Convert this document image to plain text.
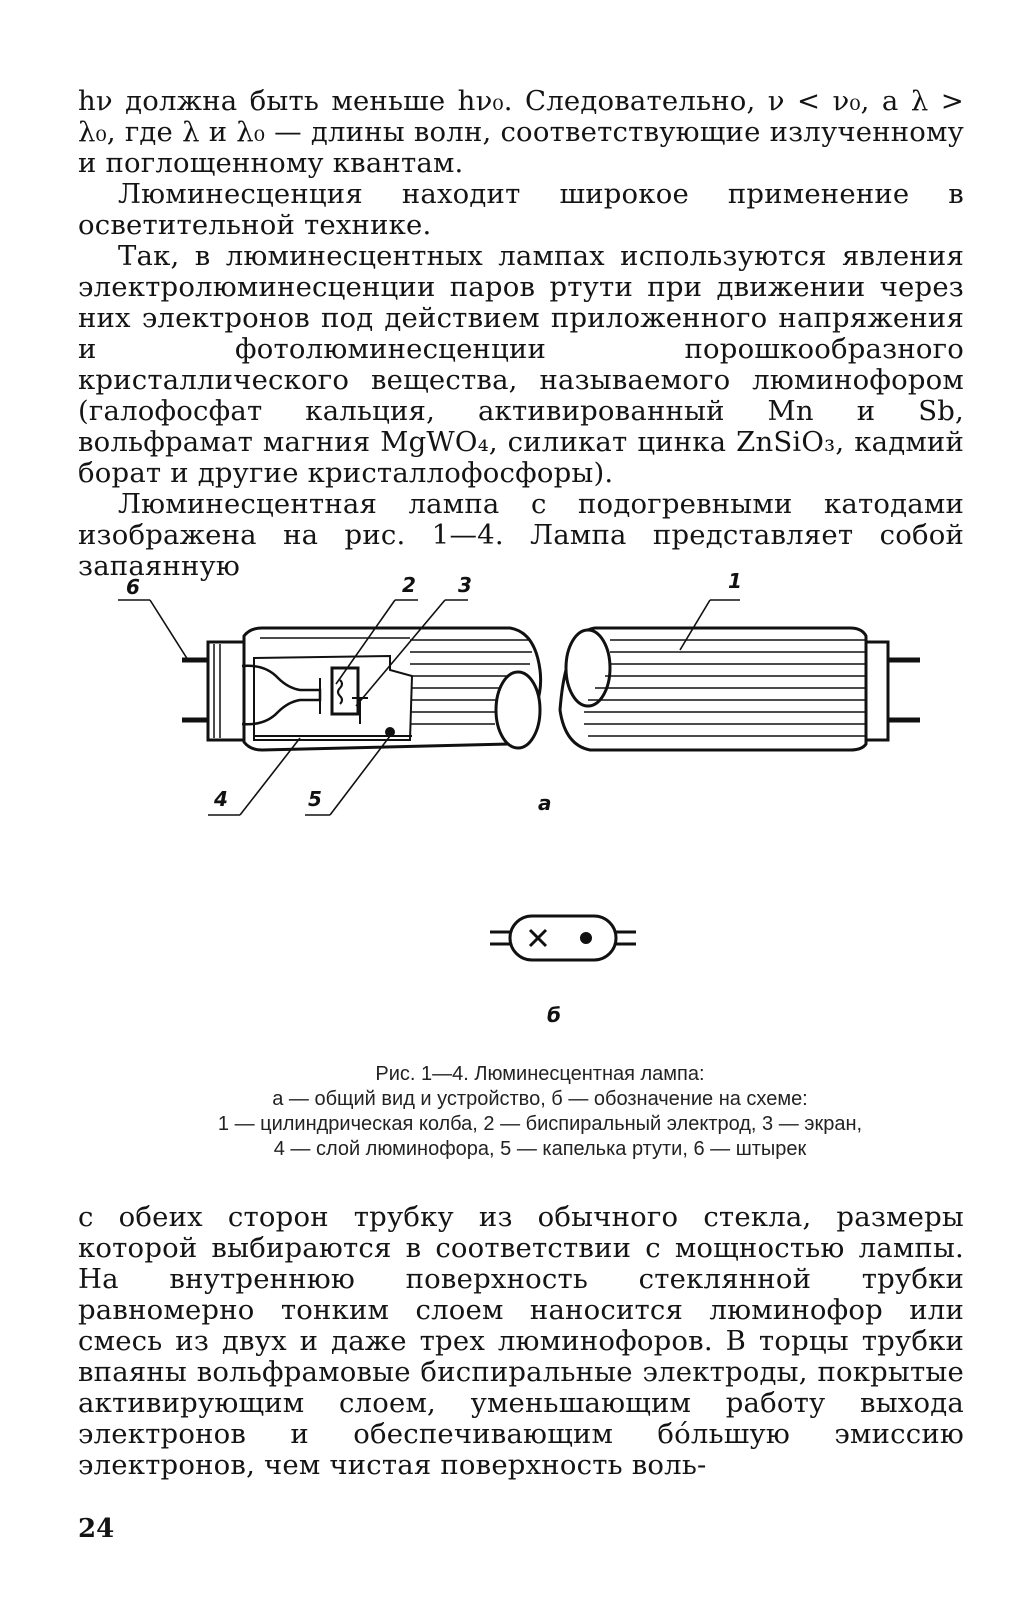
hν должна быть меньше hν₀. Следовательно, ν < ν₀, а λ > λ₀, где λ и λ₀ — длины волн, соответствующие излученному и поглощенному квантам.

Люминесценция находит широкое применение в осветительной технике.

Так, в люминесцентных лампах используются явления электролюминесценции паров ртути при движении через них электронов под действием приложенного напряжения и фотолюминесценции порошкообразного кристаллического вещества, называемого люминофором (галофосфат кальция, активированный Mn и Sb, вольфрамат магния MgWO₄, силикат цинка ZnSiO₃, кадмий борат и другие кристаллофосфоры).

Люминесцентная лампа с подогревными катодами изображена на рис. 1—4. Лампа представляет собой запаянную

6	2 3	1
4	5	а
б
Рис. 1—4. Люминесцентная лампа:
а — общий вид и устройство, б — обозначение на схеме:
1 — цилиндрическая колба, 2 — биспиральный электрод, 3 — экран,
4 — слой люминофора, 5 — капелька ртути, 6 — штырек

с обеих сторон трубку из обычного стекла, размеры которой выбираются в соответствии с мощностью лампы. На внутреннюю поверхность стеклянной трубки равномерно тонким слоем наносится люминофор или смесь из двух и даже трех люминофоров. В торцы трубки впаяны вольфрамовые биспиральные электроды, покрытые активирующим слоем, уменьшающим работу выхода электронов и обеспечивающим бо́льшую эмиссию электронов, чем чистая поверхность воль-

24
